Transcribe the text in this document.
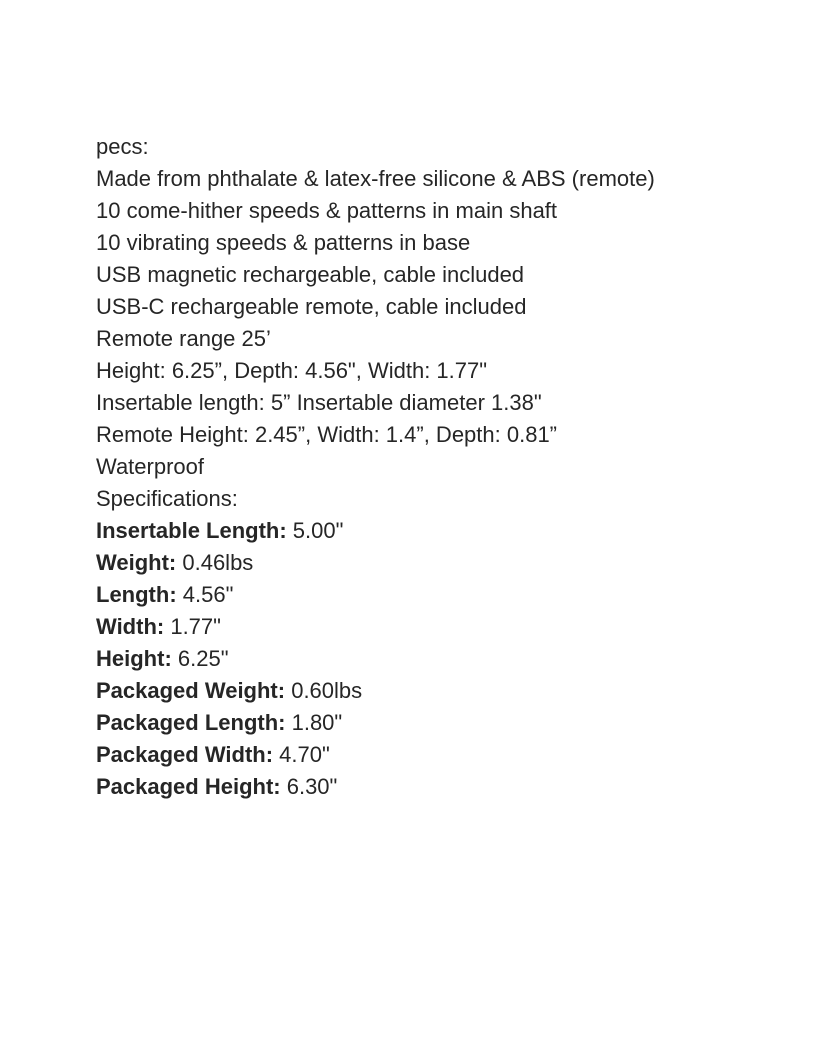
pecs:
Made from phthalate & latex-free silicone & ABS (remote)
10 come-hither speeds & patterns in main shaft
10 vibrating speeds & patterns in base
USB magnetic rechargeable, cable included
USB-C rechargeable remote, cable included
Remote range 25’
Height: 6.25”, Depth: 4.56", Width: 1.77"
Insertable length: 5” Insertable diameter 1.38"
Remote Height: 2.45”, Width: 1.4”, Depth: 0.81”
Waterproof
Specifications:
Insertable Length: 5.00"
Weight: 0.46lbs
Length: 4.56"
Width: 1.77"
Height: 6.25"
Packaged Weight: 0.60lbs
Packaged Length: 1.80"
Packaged Width: 4.70"
Packaged Height: 6.30"
